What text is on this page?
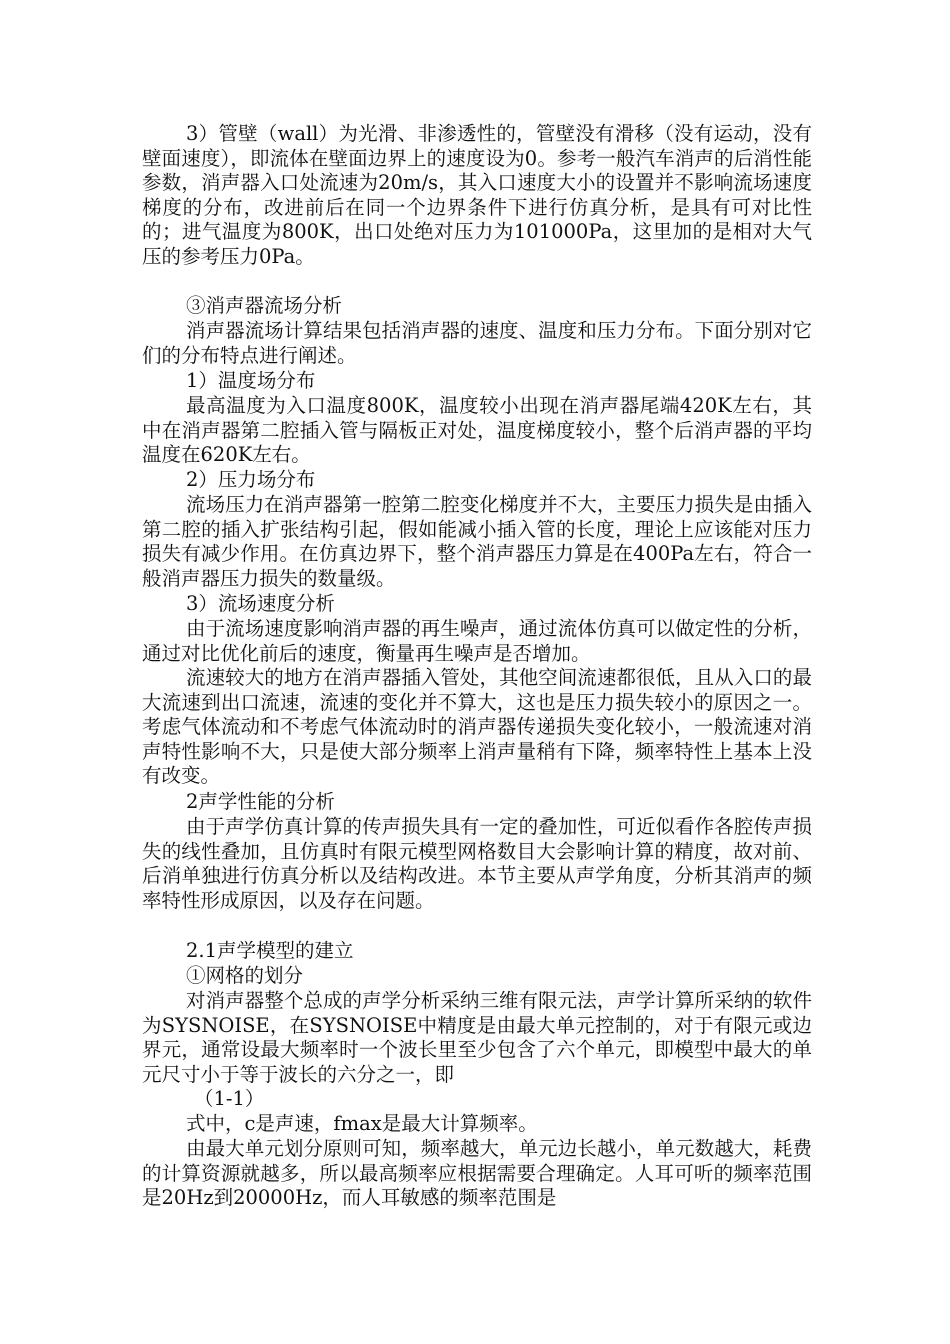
3）管壁（wall）为光滑、非渗透性的，管壁没有滑移（没有运动，没有壁面速度），即流体在壁面边界上的速度设为0。参考一般汽车消声的后消性能参数，消声器入口处流速为20m/s，其入口速度大小的设置并不影响流场速度梯度的分布，改进前后在同一个边界条件下进行仿真分析，是具有可对比性的；进气温度为800K，出口处绝对压力为101000Pa，这里加的是相对大气压的参考压力0Pa。

③消声器流场分析

消声器流场计算结果包括消声器的速度、温度和压力分布。下面分别对它们的分布特点进行阐述。

1）温度场分布

最高温度为入口温度800K，温度较小出现在消声器尾端420K左右，其中在消声器第二腔插入管与隔板正对处，温度梯度较小，整个后消声器的平均温度在620K左右。

2）压力场分布

流场压力在消声器第一腔第二腔变化梯度并不大，主要压力损失是由插入第二腔的插入扩张结构引起，假如能减小插入管的长度，理论上应该能对压力损失有减少作用。在仿真边界下，整个消声器压力算是在400Pa左右，符合一般消声器压力损失的数量级。

3）流场速度分析

由于流场速度影响消声器的再生噪声，通过流体仿真可以做定性的分析，通过对比优化前后的速度，衡量再生噪声是否增加。

流速较大的地方在消声器插入管处，其他空间流速都很低，且从入口的最大流速到出口流速，流速的变化并不算大，这也是压力损失较小的原因之一。考虑气体流动和不考虑气体流动时的消声器传递损失变化较小，一般流速对消声特性影响不大，只是使大部分频率上消声量稍有下降，频率特性上基本上没有改变。

2声学性能的分析

由于声学仿真计算的传声损失具有一定的叠加性，可近似看作各腔传声损失的线性叠加，且仿真时有限元模型网格数目大会影响计算的精度，故对前、后消单独进行仿真分析以及结构改进。本节主要从声学角度，分析其消声的频率特性形成原因，以及存在问题。

2.1声学模型的建立

①网格的划分

对消声器整个总成的声学分析采纳三维有限元法，声学计算所采纳的软件为SYSNOISE，在SYSNOISE中精度是由最大单元控制的，对于有限元或边界元，通常设最大频率时一个波长里至少包含了六个单元，即模型中最大的单元尺寸小于等于波长的六分之一，即

（1-1）

式中，c是声速，fmax是最大计算频率。

由最大单元划分原则可知，频率越大，单元边长越小，单元数越大，耗费的计算资源就越多，所以最高频率应根据需要合理确定。人耳可听的频率范围是20Hz到20000Hz，而人耳敏感的频率范围是
